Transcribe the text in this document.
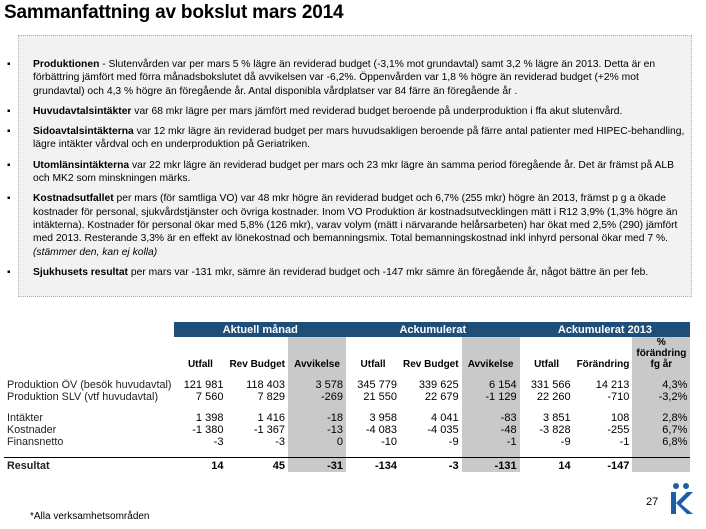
Sammanfattning av bokslut mars 2014
▪ Produktionen - Slutenvården var per mars 5 % lägre än reviderad budget (-3,1% mot grundavtal) samt 3,2 % lägre än 2013. Detta är en förbättring jämfört med förra månadsbokslutet då avvikelsen var -6,2%. Öppenvården var 1,8 % högre än reviderad budget (+2% mot grundavtal) och 4,3 % högre än föregående år. Antal disponibla vårdplatser var 84 färre än föregående år .
▪ Huvudavtalsintäkter var 68 mkr lägre per mars jämfört med reviderad budget beroende på underproduktion i ffa akut slutenvård.
▪ Sidoavtalsintäkterna var 12 mkr lägre än reviderad budget per mars huvudsakligen beroende på färre antal patienter med HIPEC-behandling, lägre intäkter vårdval och en underproduktion på Geriatriken.
▪ Utomlänsintäkterna var 22 mkr lägre än reviderad budget per mars och 23 mkr lägre än samma period föregående år. Det är främst på ALB och MK2 som minskningen märks.
▪ Kostnadsutfallet per mars (för samtliga VO) var 48 mkr högre än reviderad budget och 6,7% (255 mkr) högre än 2013, främst p g a ökade kostnader för personal, sjukvårdstjänster och övriga kostnader. Inom VO Produktion är kostnadsutvecklingen mätt i R12 3,9% (1,3% högre än intäkterna). Kostnader för personal ökar med 5,8% (126 mkr), varav volym (mätt i närvarande helårsarbeten) har ökat med 2,5% (290) jämfört med 2013. Resterande 3,3% är en effekt av lönekostnad och bemanningsmix. Total bemanningskostnad inkl inhyrd personal ökar med 7 %.(stämmer den, kan ej kolla)
▪ Sjukhusets resultat per mars var -131 mkr, sämre än reviderad budget och -147 mkr sämre än föregående år, något bättre än per feb.
	Aktuell månad			Ackumulerat			Ackumulerat 2013		
	Utfall	Rev Budget	Avvikelse	Utfall	Rev Budget	Avvikelse	Utfall	Förändring	% förändring fg år

Produktion ÖV (besök huvudavtal)	121 981	118 403	3 578	345 779	339 625	6 154	331 566	14 213	4,3%
Produktion SLV (vtf huvudavtal)	7 560	7 829	-269	21 550	22 679	-1 129	22 260	-710	-3,2%

Intäkter	1 398	1 416	-18	3 958	4 041	-83	3 851	108	2,8%
Kostnader	-1 380	-1 367	-13	-4 083	-4 035	-48	-3 828	-255	6,7%
Finansnetto	-3	-3	0	-10	-9	-1	-9	-1	6,8%

Resultat	14	45	-31	-134	-3	-131	14	-147	
*Alla verksamhetsområden
27
